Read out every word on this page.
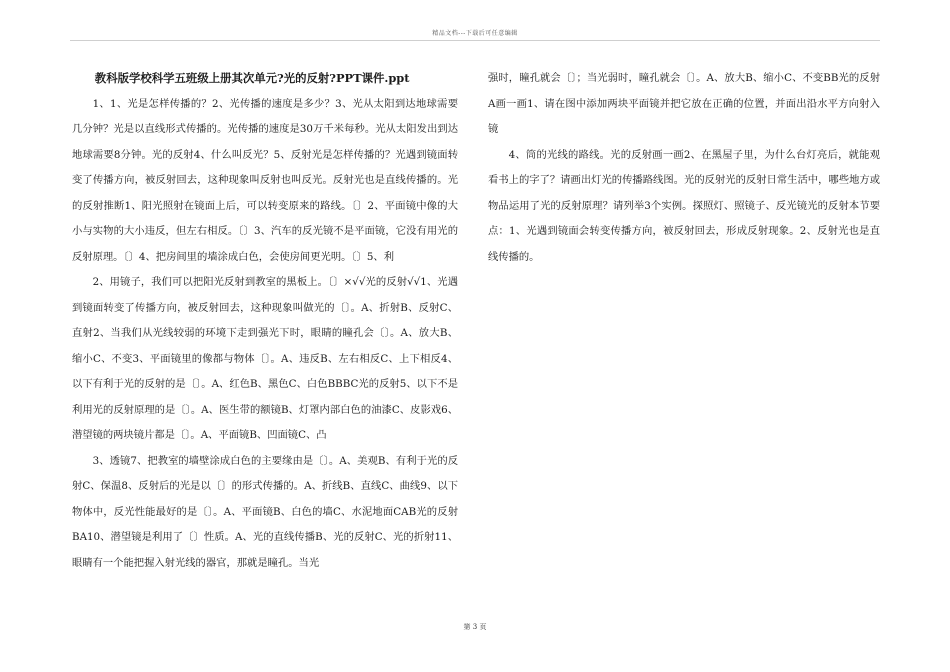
精品文档---下载后可任意编辑

教科版学校科学五班级上册其次单元?光的反射?PPT课件.ppt

1、1、光是怎样传播的？2、光传播的速度是多少？3、光从太阳到达地球需要几分钟？光是以直线形式传播的。光传播的速度是30万千米每秒。光从太阳发出到达地球需要8分钟。光的反射4、什么叫反光？5、反射光是怎样传播的？光遇到镜面转变了传播方向，被反射回去，这种现象叫反射也叫反光。反射光也是直线传播的。光的反射推断1、阳光照射在镜面上后，可以转变原来的路线。〔〕2、平面镜中像的大小与实物的大小违反，但左右相反。〔〕3、汽车的反光镜不是平面镜，它没有用光的反射原理。〔〕4、把房间里的墙涂成白色，会使房间更光明。〔〕5、利

2、用镜子，我们可以把阳光反射到教室的黑板上。〔〕×√√光的反射√√1、光遇到镜面转变了传播方向，被反射回去，这种现象叫做光的〔〕。A、折射B、反射C、直射2、当我们从光线较弱的环境下走到强光下时，眼睛的瞳孔会〔〕。A、放大B、缩小C、不变3、平面镜里的像都与物体〔〕。A、违反B、左右相反C、上下相反4、以下有利于光的反射的是〔〕。A、红色B、黑色C、白色BBBC光的反射5、以下不是利用光的反射原理的是〔〕。A、医生带的额镜B、灯罩内部白色的油漆C、皮影戏6、潜望镜的两块镜片都是〔〕。A、平面镜B、凹面镜C、凸

3、透镜7、把教室的墙壁涂成白色的主要缘由是〔〕。A、美观B、有利于光的反射C、保温8、反射后的光是以〔〕的形式传播的。A、折线B、直线C、曲线9、以下物体中，反光性能最好的是〔〕。A、平面镜B、白色的墙C、水泥地面CAB光的反射BA10、潜望镜是利用了〔〕性质。A、光的直线传播B、光的反射C、光的折射11、眼睛有一个能把握入射光线的器官，那就是瞳孔。当光

强时，瞳孔就会〔〕；当光弱时，瞳孔就会〔〕。A、放大B、缩小C、不变BB光的反射A画一画1、请在图中添加两块平面镜并把它放在正确的位置，并面出沿水平方向射入镜

4、筒的光线的路线。光的反射画一画2、在黑屋子里，为什么台灯亮后，就能观看书上的字了？请画出灯光的传播路线图。光的反射光的反射日常生活中，哪些地方或物品运用了光的反射原理？请列举3个实例。探照灯、照镜子、反光镜光的反射本节要点：1、光遇到镜面会转变传播方向，被反射回去，形成反射现象。2、反射光也是直线传播的。

第 3 页
